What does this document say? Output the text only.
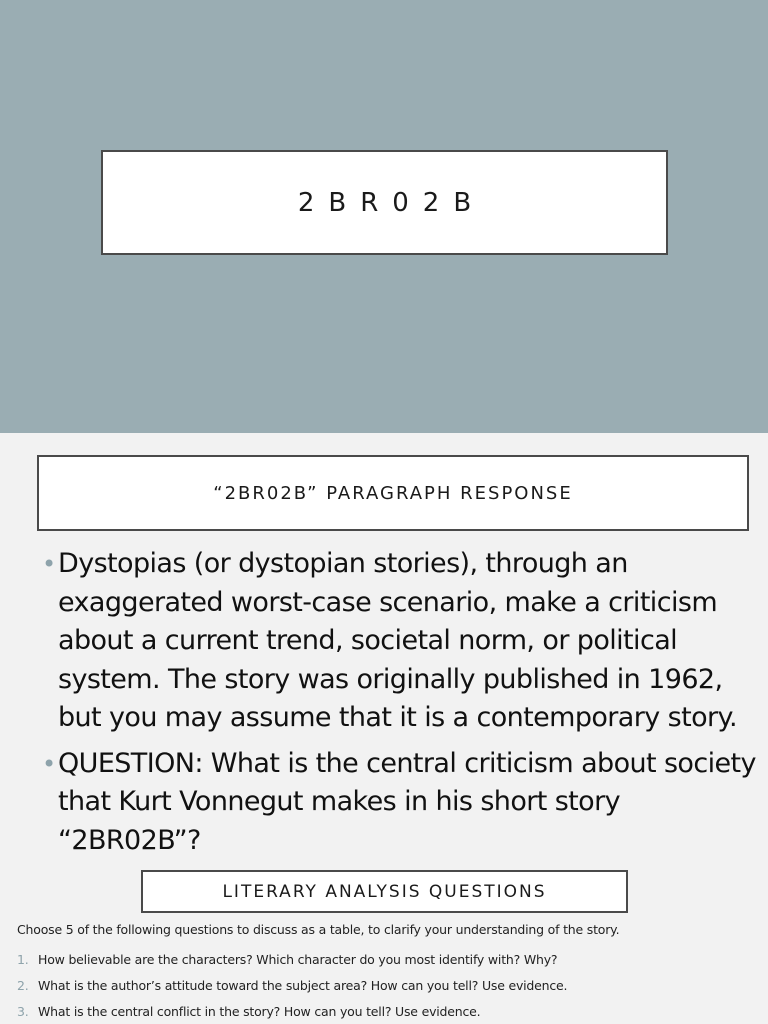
2BR02B
“2BR02B” PARAGRAPH RESPONSE
• Dystopias (or dystopian stories), through an exaggerated worst-case scenario, make a criticism about a current trend, societal norm, or political system. The story was originally published in 1962, but you may assume that it is a contemporary story.
• QUESTION: What is the central criticism about society that Kurt Vonnegut makes in his short story “2BR02B”?
LITERARY ANALYSIS QUESTIONS

Choose 5 of the following questions to discuss as a table, to clarify your understanding of the story.

1. How believable are the characters? Which character do you most identify with? Why?
2. What is the author’s attitude toward the subject area? How can you tell? Use evidence.
3. What is the central conflict in the story? How can you tell? Use evidence.
